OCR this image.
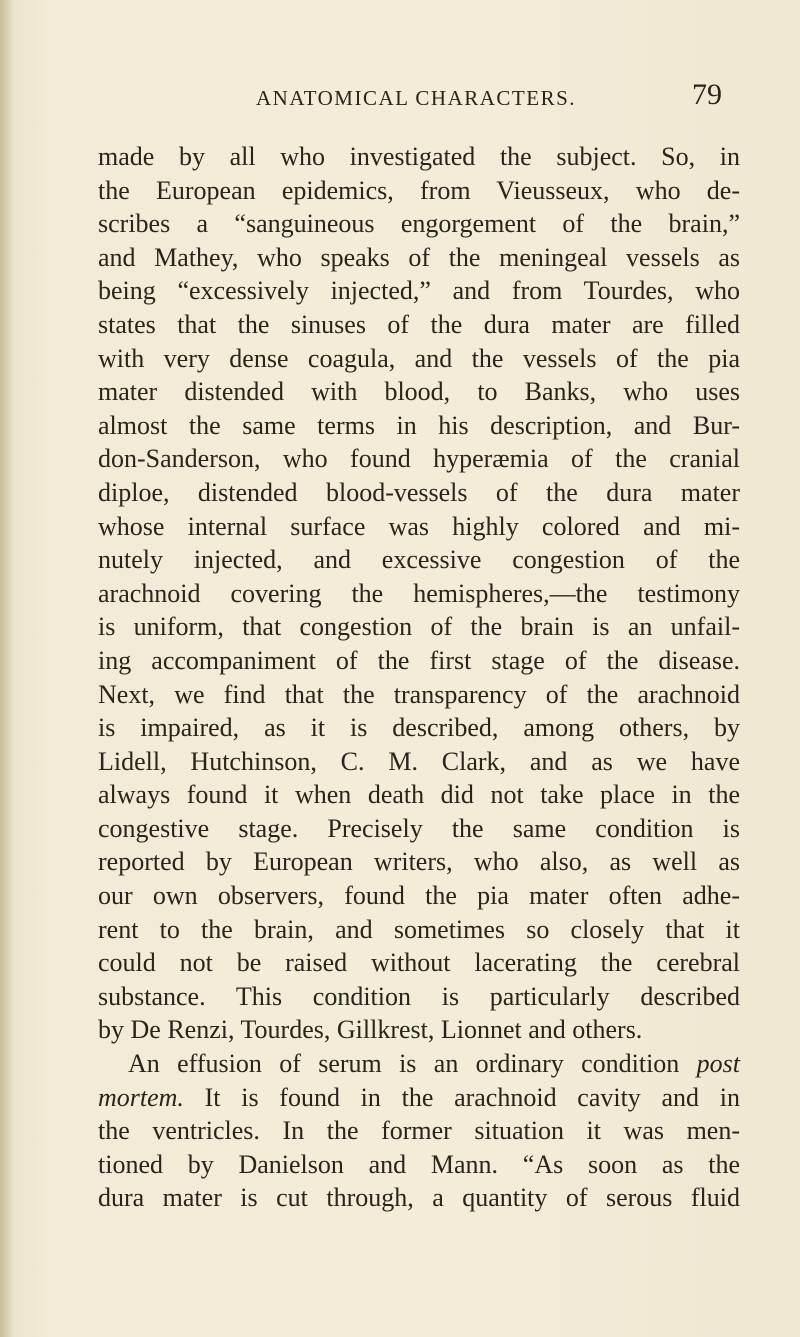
ANATOMICAL CHARACTERS.	79
made by all who investigated the subject. So, in
the European epidemics, from Vieusseux, who de-
scribes a “sanguineous engorgement of the brain,”
and Mathey, who speaks of the meningeal vessels as
being “excessively injected,” and from Tourdes, who
states that the sinuses of the dura mater are filled
with very dense coagula, and the vessels of the pia
mater distended with blood, to Banks, who uses
almost the same terms in his description, and Bur-
don-Sanderson, who found hyperæmia of the cranial
diploe, distended blood-vessels of the dura mater
whose internal surface was highly colored and mi-
nutely injected, and excessive congestion of the
arachnoid covering the hemispheres,—the testimony
is uniform, that congestion of the brain is an unfail-
ing accompaniment of the first stage of the disease.
Next, we find that the transparency of the arachnoid
is impaired, as it is described, among others, by
Lidell, Hutchinson, C. M. Clark, and as we have
always found it when death did not take place in the
congestive stage. Precisely the same condition is
reported by European writers, who also, as well as
our own observers, found the pia mater often adhe-
rent to the brain, and sometimes so closely that it
could not be raised without lacerating the cerebral
substance. This condition is particularly described
by De Renzi, Tourdes, Gillkrest, Lionnet and others.
An effusion of serum is an ordinary condition post
mortem. It is found in the arachnoid cavity and in
the ventricles. In the former situation it was men-
tioned by Danielson and Mann. “As soon as the
dura mater is cut through, a quantity of serous fluid
